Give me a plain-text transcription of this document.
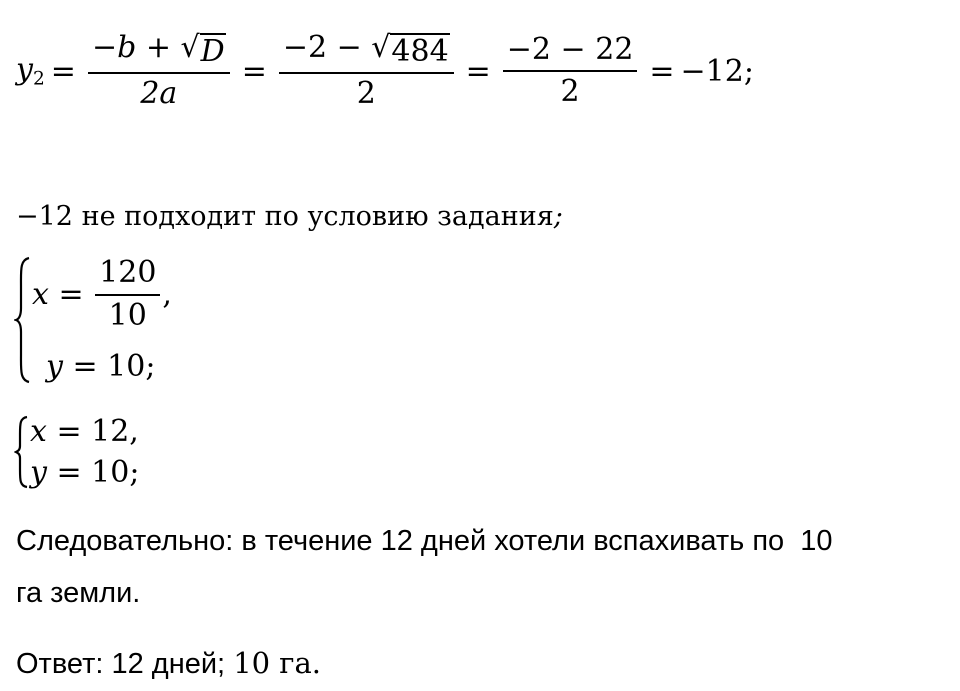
$y_2 = \frac{-b + √ D}{2a} = \frac{-2 - √ 484}{2} = \frac{-2 - 22}{2} = -12$;
−12 не подходит по условию задания;
$x = \frac{120}{10}$ ,
y = 10;
x = 12,
y = 10;
Следовательно: в течение 12 дней хотели вспахивать по  10
га земли.
Ответ: 12 дней; 10 га.
